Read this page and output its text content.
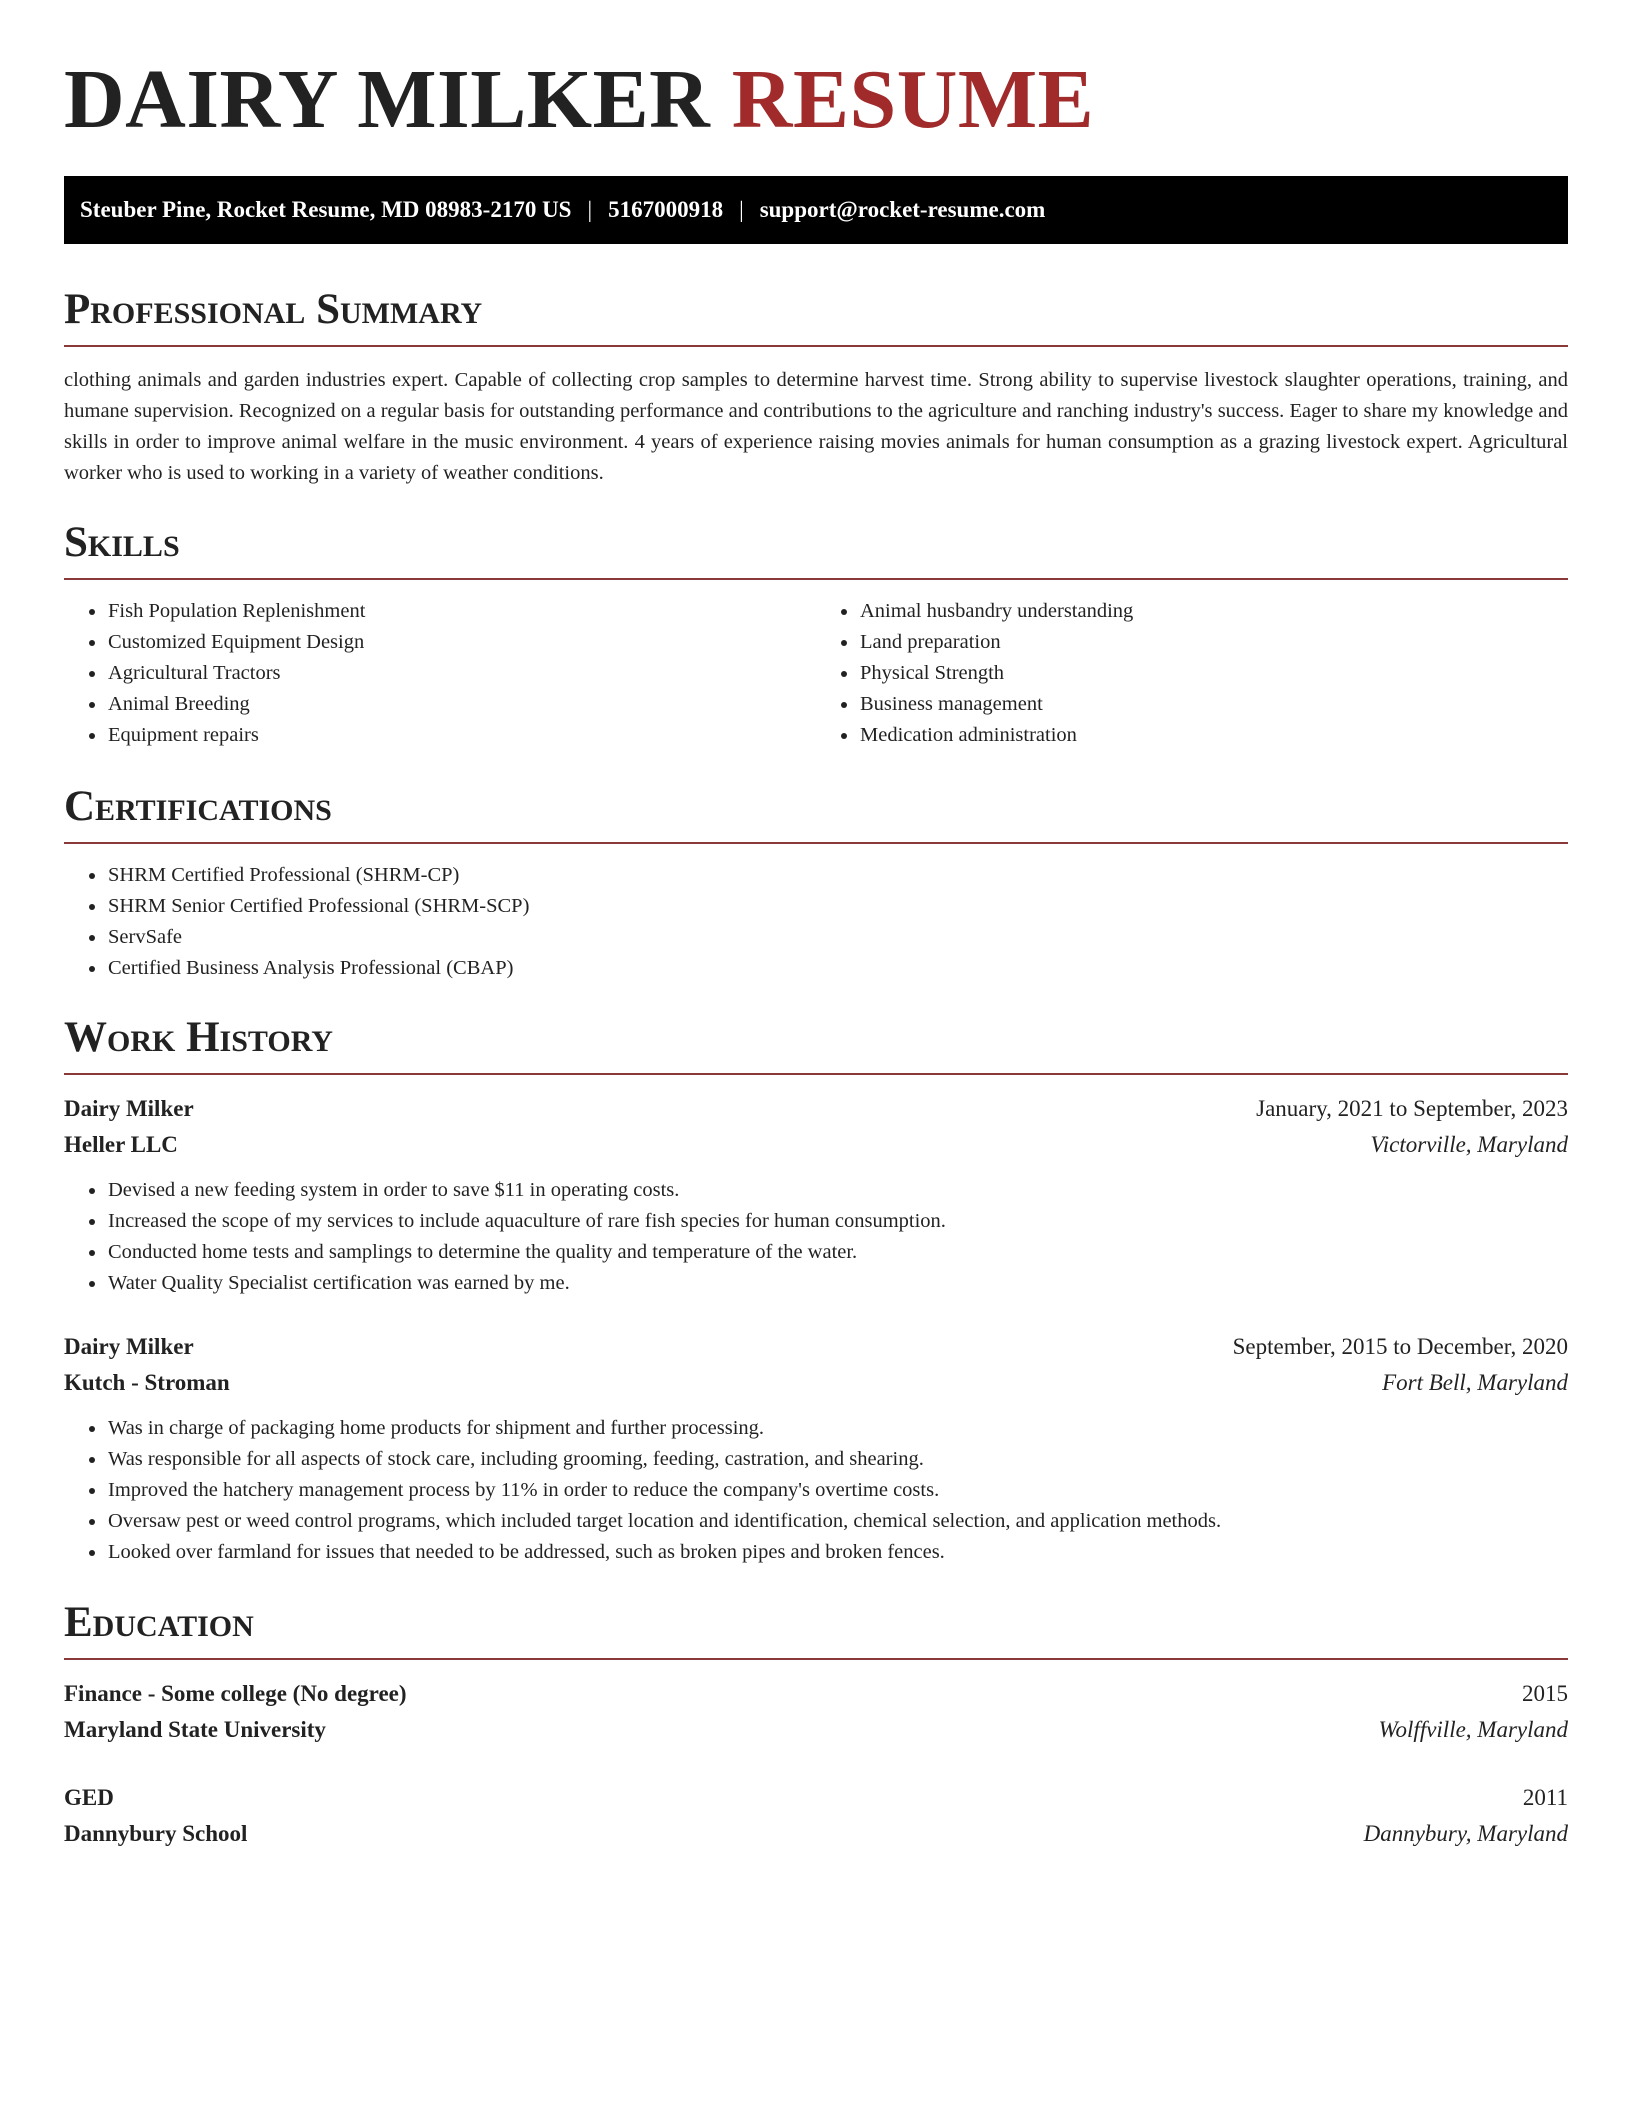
DAIRY MILKER RESUME
Steuber Pine, Rocket Resume, MD 08983-2170 US | 5167000918 | support@rocket-resume.com
Professional Summary
clothing animals and garden industries expert. Capable of collecting crop samples to determine harvest time. Strong ability to supervise livestock slaughter operations, training, and humane supervision. Recognized on a regular basis for outstanding performance and contributions to the agriculture and ranching industry's success. Eager to share my knowledge and skills in order to improve animal welfare in the music environment. 4 years of experience raising movies animals for human consumption as a grazing livestock expert. Agricultural worker who is used to working in a variety of weather conditions.
Skills
• Fish Population Replenishment
• Customized Equipment Design
• Agricultural Tractors
• Animal Breeding
• Equipment repairs
• Animal husbandry understanding
• Land preparation
• Physical Strength
• Business management
• Medication administration
Certifications
• SHRM Certified Professional (SHRM-CP)
• SHRM Senior Certified Professional (SHRM-SCP)
• ServSafe
• Certified Business Analysis Professional (CBAP)
Work History
Dairy Milker	January, 2021 to September, 2023
Heller LLC	Victorville, Maryland
• Devised a new feeding system in order to save $11 in operating costs.
• Increased the scope of my services to include aquaculture of rare fish species for human consumption.
• Conducted home tests and samplings to determine the quality and temperature of the water.
• Water Quality Specialist certification was earned by me.
Dairy Milker	September, 2015 to December, 2020
Kutch - Stroman	Fort Bell, Maryland
• Was in charge of packaging home products for shipment and further processing.
• Was responsible for all aspects of stock care, including grooming, feeding, castration, and shearing.
• Improved the hatchery management process by 11% in order to reduce the company's overtime costs.
• Oversaw pest or weed control programs, which included target location and identification, chemical selection, and application methods.
• Looked over farmland for issues that needed to be addressed, such as broken pipes and broken fences.
Education
Finance - Some college (No degree)	2015
Maryland State University	Wolffville, Maryland
GED	2011
Dannybury School	Dannybury, Maryland
